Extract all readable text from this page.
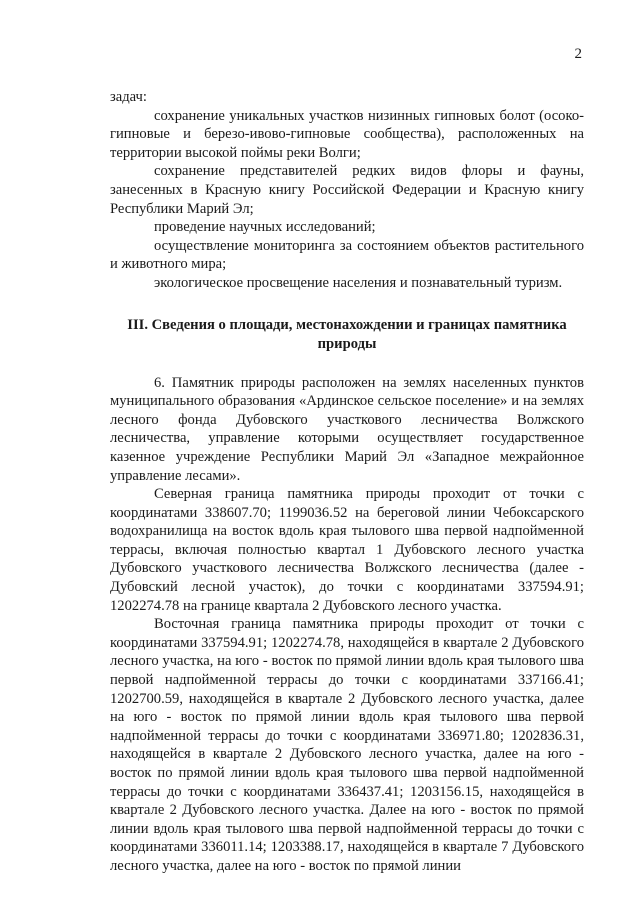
2

задач:

сохранение уникальных участков низинных гипновых болот (осоко-гипновые и березо-ивово-гипновые сообщества), расположенных на территории высокой поймы реки Волги;

сохранение представителей редких видов флоры и фауны, занесенных в Красную книгу Российской Федерации и Красную книгу Республики Марий Эл;

проведение научных исследований;

осуществление мониторинга за состоянием объектов растительного и животного мира;

экологическое просвещение населения и познавательный туризм.

III. Сведения о площади, местонахождении и границах памятника природы

6. Памятник природы расположен на землях населенных пунктов муниципального образования «Ардинское сельское поселение» и на землях лесного фонда Дубовского участкового лесничества Волжского лесничества, управление которыми осуществляет государственное казенное учреждение Республики Марий Эл «Западное межрайонное управление лесами».

Северная граница памятника природы проходит от точки с координатами 338607.70; 1199036.52 на береговой линии Чебоксарского водохранилища на восток вдоль края тылового шва первой надпойменной террасы, включая полностью квартал 1 Дубовского лесного участка Дубовского участкового лесничества Волжского лесничества (далее - Дубовский лесной участок), до точки с координатами 337594.91; 1202274.78 на границе квартала 2 Дубовского лесного участка.

Восточная граница памятника природы проходит от точки с координатами 337594.91; 1202274.78, находящейся в квартале 2 Дубовского лесного участка, на юго - восток по прямой линии вдоль края тылового шва первой надпойменной террасы до точки с координатами 337166.41; 1202700.59, находящейся в квартале 2 Дубовского лесного участка, далее на юго - восток по прямой линии вдоль края тылового шва первой надпойменной террасы до точки с координатами 336971.80; 1202836.31, находящейся в квартале 2 Дубовского лесного участка, далее на юго - восток по прямой линии вдоль края тылового шва первой надпойменной террасы до точки с координатами 336437.41; 1203156.15, находящейся в квартале 2 Дубовского лесного участка. Далее на юго - восток по прямой линии вдоль края тылового шва первой надпойменной террасы до точки с координатами 336011.14; 1203388.17, находящейся в квартале 7 Дубовского лесного участка, далее на юго - восток по прямой линии
